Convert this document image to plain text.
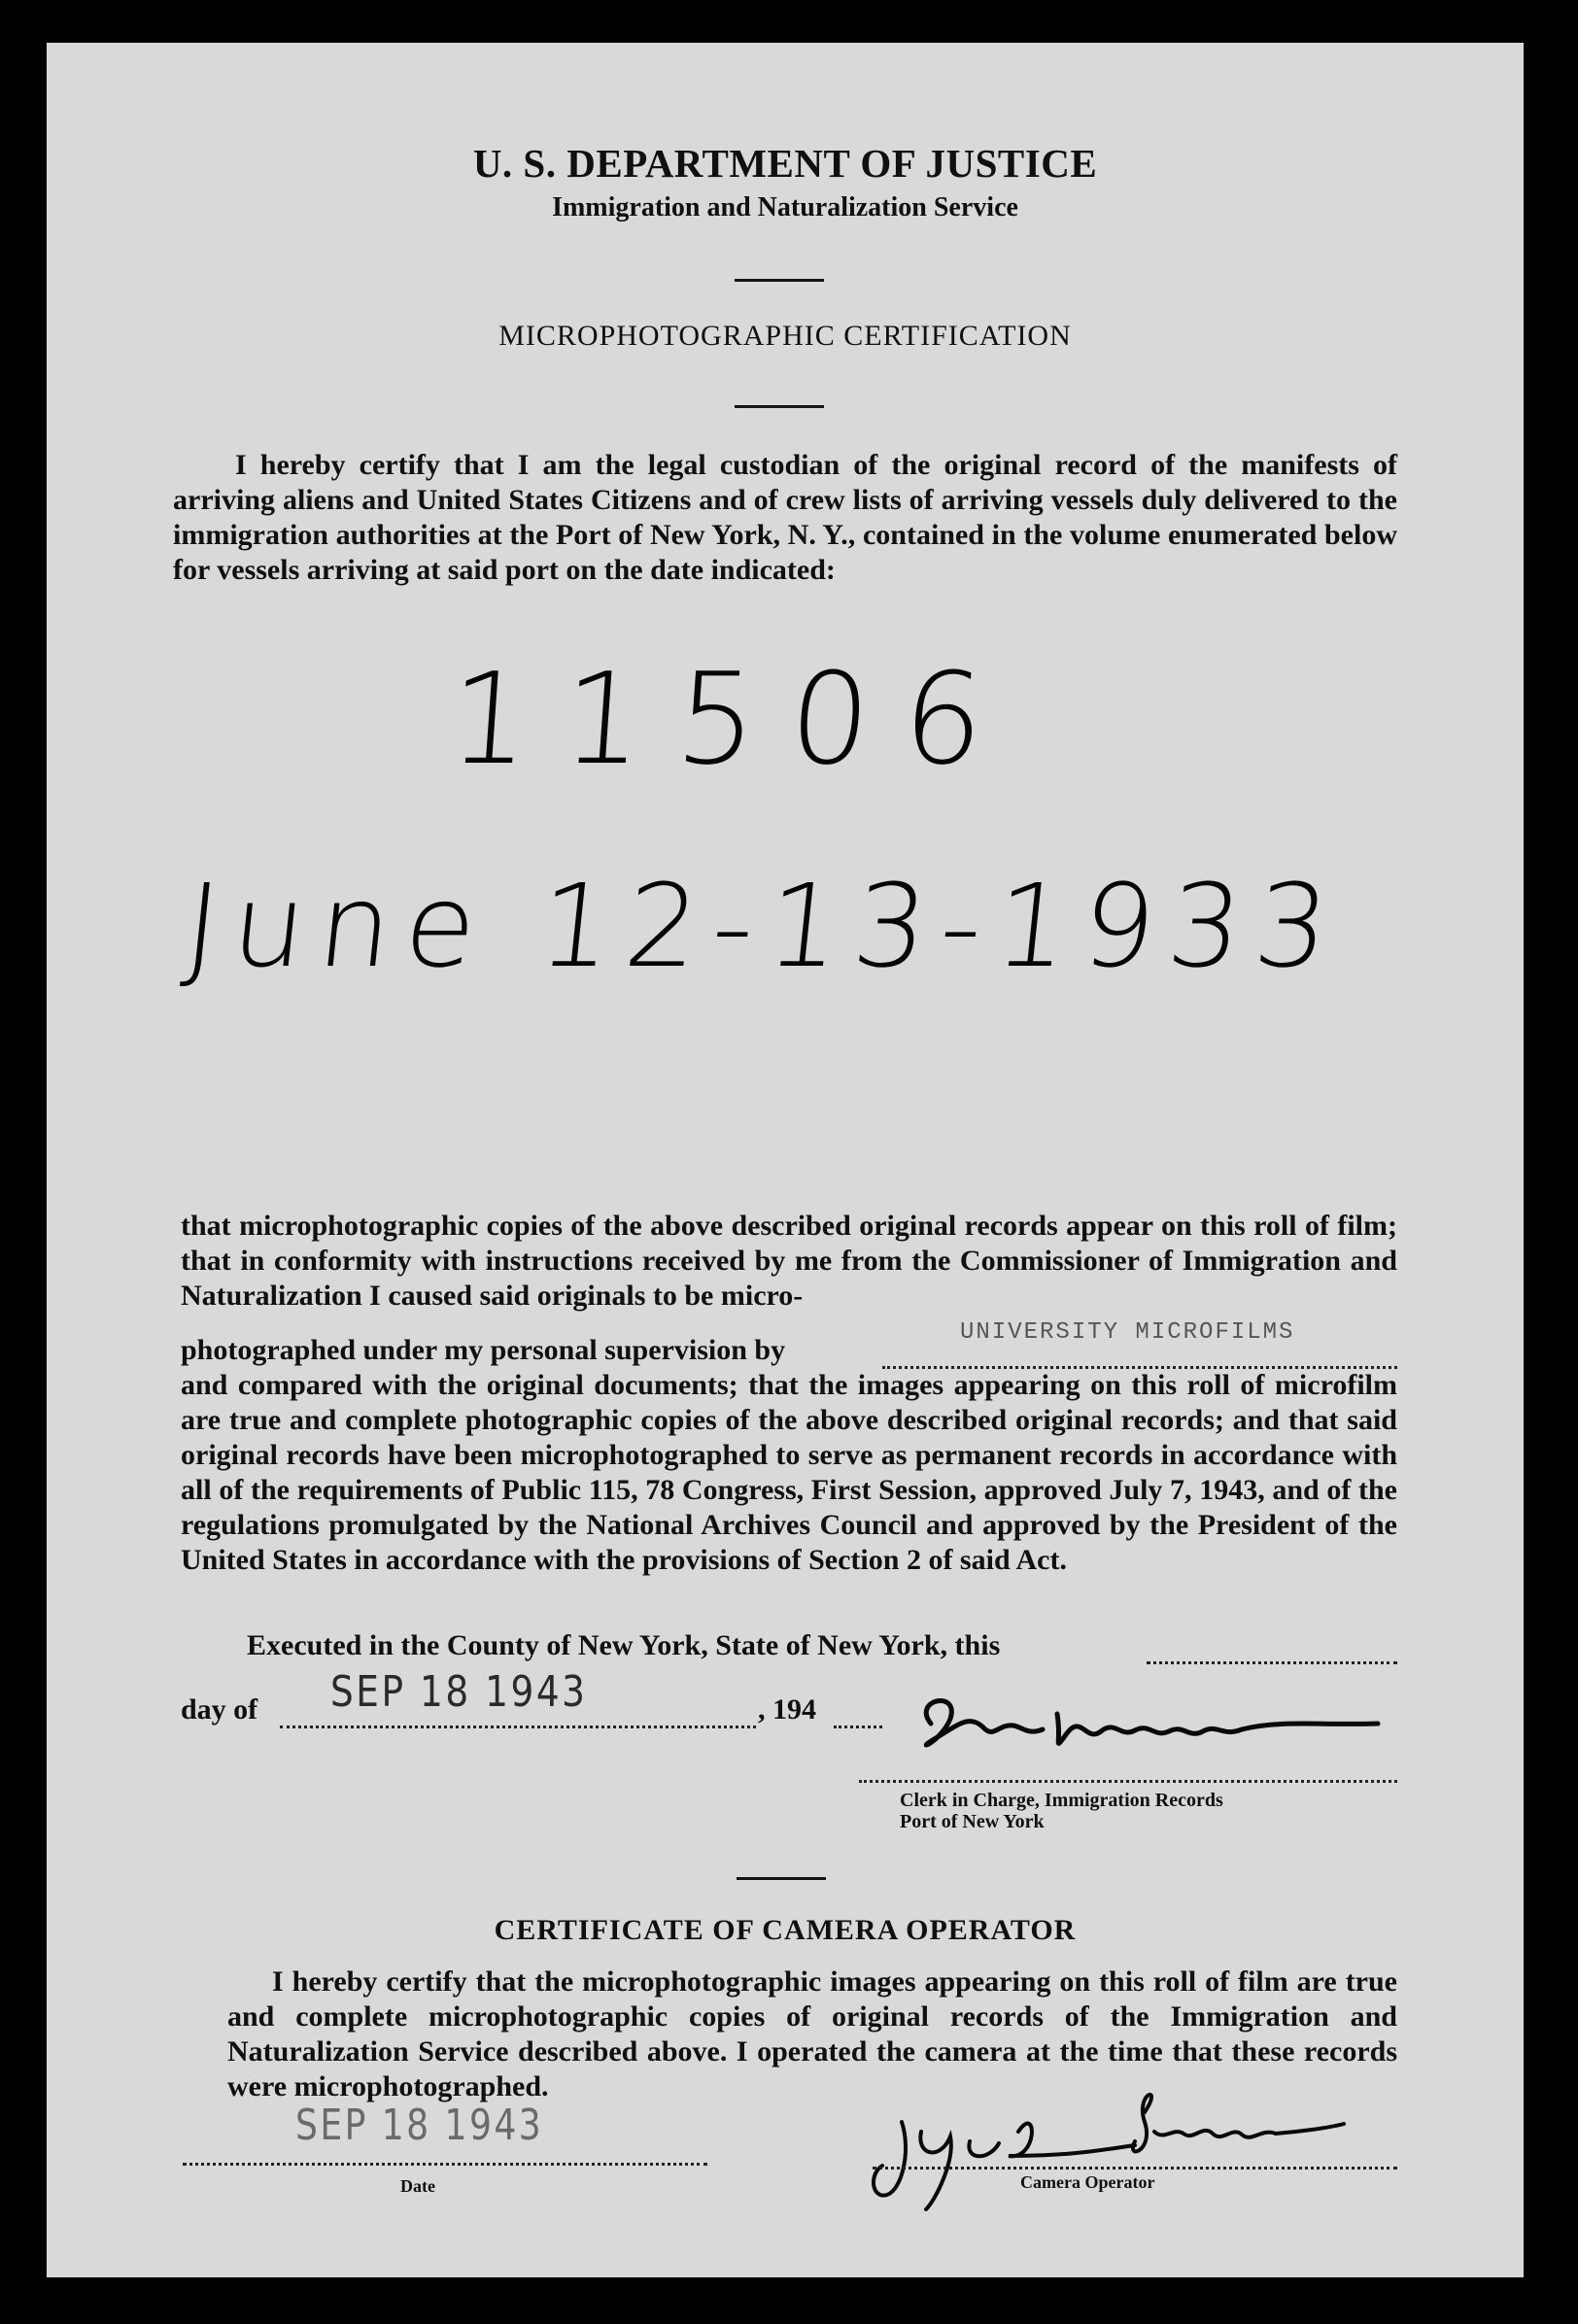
U. S. DEPARTMENT OF JUSTICE
Immigration and Naturalization Service
MICROPHOTOGRAPHIC CERTIFICATION
I hereby certify that I am the legal custodian of the original record of the manifests of arriving aliens and United States Citizens and of crew lists of arriving vessels duly delivered to the immigration authorities at the Port of New York, N. Y., contained in the volume enumerated below for vessels arriving at said port on the date indicated:
11506
June 12-13-1933
that microphotographic copies of the above described original records appear on this roll of film; that in conformity with instructions received by me from the Commissioner of Immigration and Naturalization I caused said originals to be micro-
photographed under my personal supervision by
UNIVERSITY MICROFILMS
and compared with the original documents; that the images appearing on this roll of microfilm are true and complete photographic copies of the above described original records; and that said original records have been microphotographed to serve as permanent records in accordance with all of the requirements of Public 115, 78 Congress, First Session, approved July 7, 1943, and of the regulations promulgated by the National Archives Council and approved by the President of the United States in accordance with the provisions of Section 2 of said Act.
Executed in the County of New York, State of New York, this
day of SEP 18 1943	, 194
Clerk in Charge, Immigration Records
Port of New York
CERTIFICATE OF CAMERA OPERATOR
I hereby certify that the microphotographic images appearing on this roll of film are true and complete microphotographic copies of original records of the Immigration and Naturalization Service described above. I operated the camera at the time that these records were microphotographed.
SEP 18 1943
Date	Camera Operator
